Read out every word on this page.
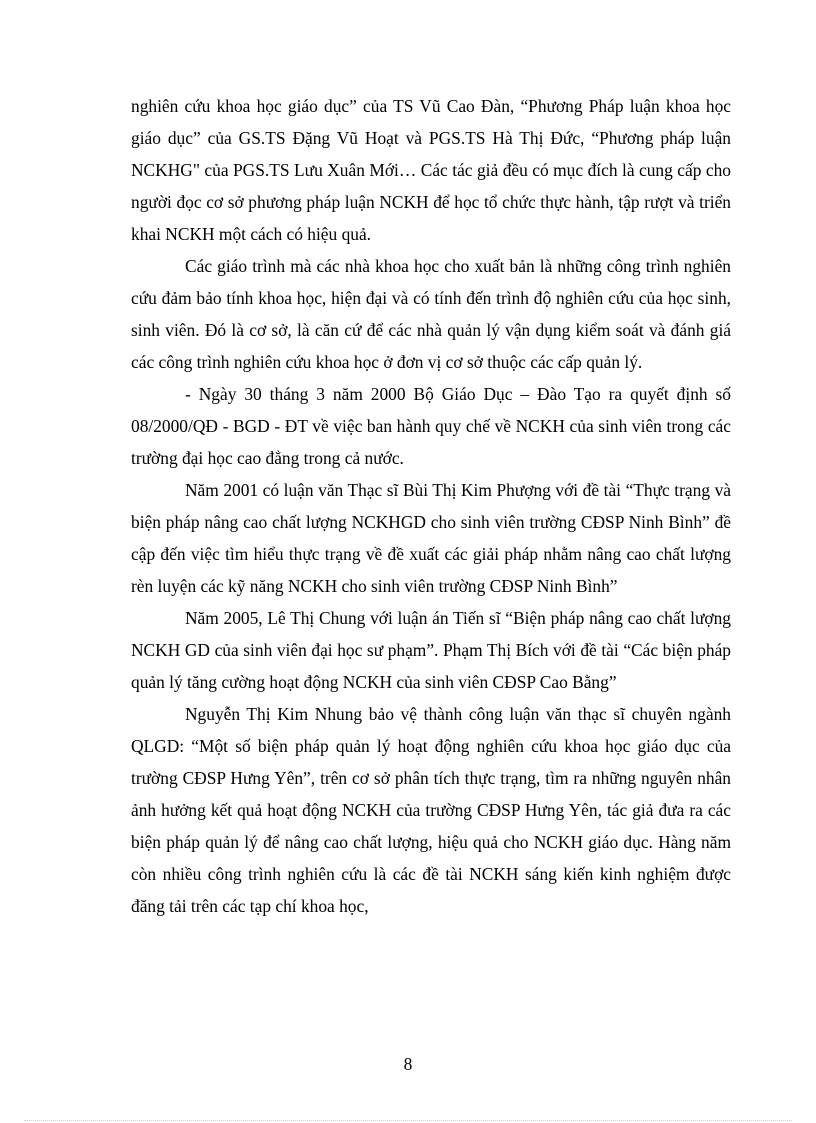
nghiên cứu khoa học giáo dục” của TS Vũ Cao Đàn, “Phương Pháp luận khoa học giáo dục” của GS.TS Đặng Vũ Hoạt và PGS.TS Hà Thị Đức, “Phương pháp luận NCKHG" của PGS.TS Lưu Xuân Mới… Các tác giả đều có mục đích là cung cấp cho người đọc cơ sở phương pháp luận NCKH để học tổ chức thực hành, tập rượt và triển khai NCKH một cách có hiệu quả.

Các giáo trình mà các nhà khoa học cho xuất bản là những công trình nghiên cứu đảm bảo tính khoa học, hiện đại và có tính đến trình độ nghiên cứu của học sinh, sinh viên. Đó là cơ sở, là căn cứ để các nhà quản lý vận dụng kiểm soát và đánh giá các công trình nghiên cứu khoa học ở đơn vị cơ sở thuộc các cấp quản lý.

- Ngày 30 tháng 3 năm 2000 Bộ Giáo Dục – Đào Tạo ra quyết định số 08/2000/QĐ - BGD - ĐT về việc ban hành quy chế về NCKH của sinh viên trong các trường đại học cao đẳng trong cả nước.

Năm 2001 có luận văn Thạc sĩ Bùi Thị Kim Phượng với đề tài “Thực trạng và biện pháp nâng cao chất lượng NCKHGD cho sinh viên trường CĐSP Ninh Bình” đề cập đến việc tìm hiểu thực trạng về đề xuất các giải pháp nhằm nâng cao chất lượng rèn luyện các kỹ năng NCKH cho sinh viên trường CĐSP Ninh Bình”

Năm 2005, Lê Thị Chung với luận án Tiến sĩ “Biện pháp nâng cao chất lượng NCKH GD của sinh viên đại học sư phạm”. Phạm Thị Bích với đề tài “Các biện pháp quản lý tăng cường hoạt động NCKH của sinh viên CĐSP Cao Bằng”

Nguyễn Thị Kim Nhung bảo vệ thành công luận văn thạc sĩ chuyên ngành QLGD: “Một số biện pháp quản lý hoạt động nghiên cứu khoa học giáo dục của trường CĐSP Hưng Yên”, trên cơ sở phân tích thực trạng, tìm ra những nguyên nhân ảnh hưởng kết quả hoạt động NCKH của trường CĐSP Hưng Yên, tác giả đưa ra các biện pháp quản lý để nâng cao chất lượng, hiệu quả cho NCKH giáo dục. Hàng năm còn nhiều công trình nghiên cứu là các đề tài NCKH sáng kiến kinh nghiệm được đăng tải trên các tạp chí khoa học,

8
